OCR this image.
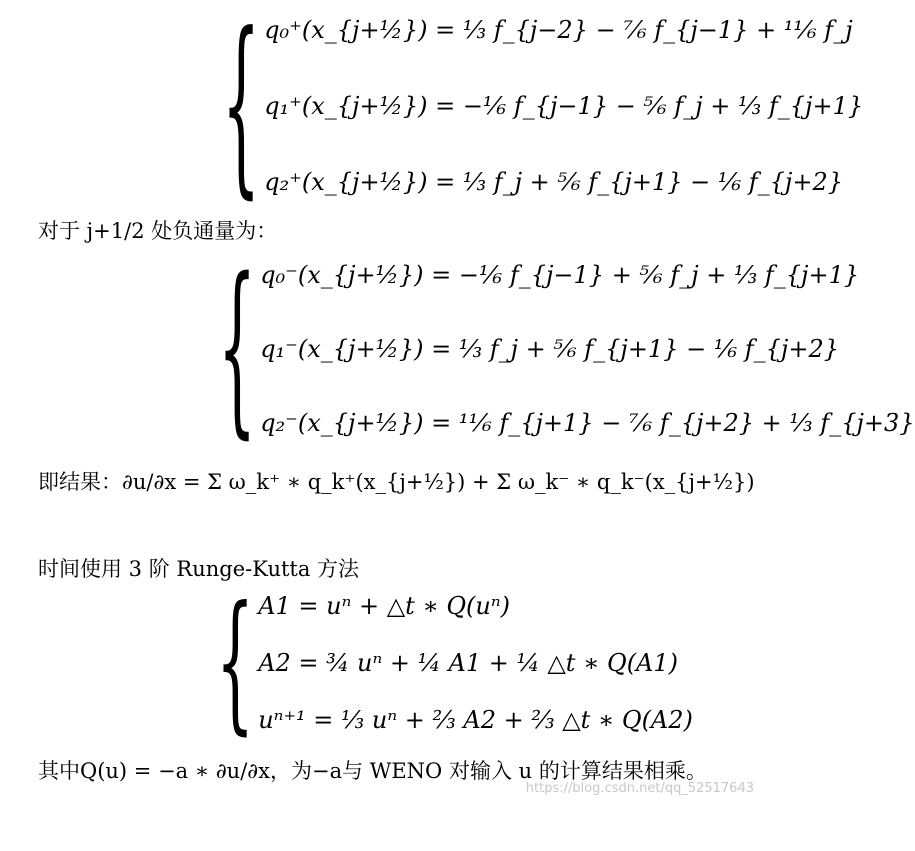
{ q₀⁺(x_{j+½}) = ⅓ f_{j−2} − ⁷⁄₆ f_{j−1} + ¹¹⁄₆ f_j
q₁⁺(x_{j+½}) = −⅙ f_{j−1} − ⁵⁄₆ f_j + ⅓ f_{j+1}
q₂⁺(x_{j+½}) = ⅓ f_j + ⁵⁄₆ f_{j+1} − ⅙ f_{j+2}
对于 j+1/2 处负通量为：
{ q₀⁻(x_{j+½}) = −⅙ f_{j−1} + ⁵⁄₆ f_j + ⅓ f_{j+1}
q₁⁻(x_{j+½}) = ⅓ f_j + ⁵⁄₆ f_{j+1} − ⅙ f_{j+2}
q₂⁻(x_{j+½}) = ¹¹⁄₆ f_{j+1} − ⁷⁄₆ f_{j+2} + ⅓ f_{j+3}
即结果：∂u/∂x = Σ ω_k⁺ ∗ q_k⁺(x_{j+½}) + Σ ω_k⁻ ∗ q_k⁻(x_{j+½})
时间使用 3 阶 Runge-Kutta 方法
{ A1 = uⁿ + △t ∗ Q(uⁿ)
A2 = ¾ uⁿ + ¼ A1 + ¼ △t ∗ Q(A1)
uⁿ⁺¹ = ⅓ uⁿ + ⅔ A2 + ⅔ △t ∗ Q(A2)
其中Q(u) = −a ∗ ∂u/∂x，为−a与 WENO 对输入 u 的计算结果相乘。
https://blog.csdn.net/qq_52517643
